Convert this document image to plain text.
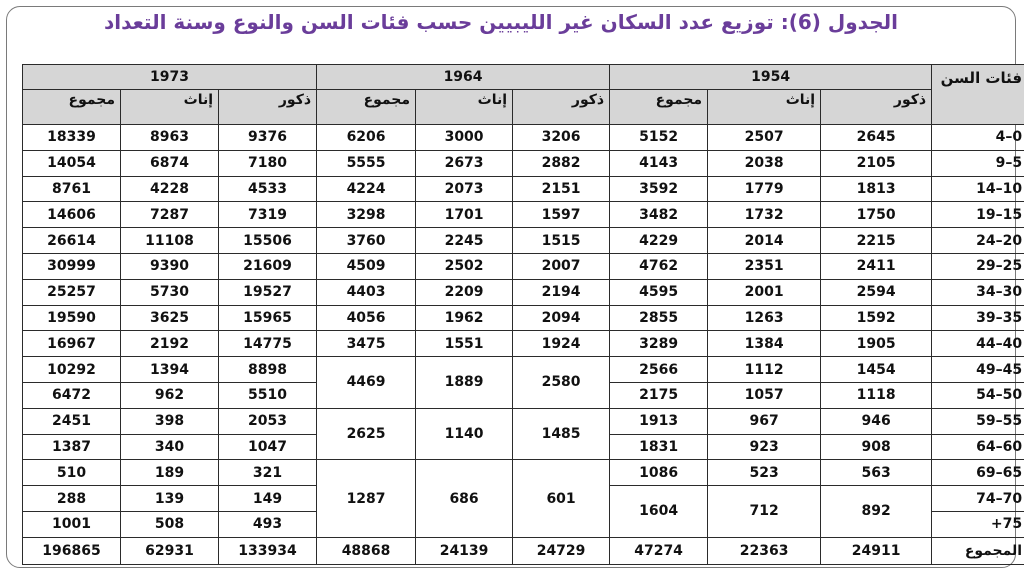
الجدول (6): توزيع عدد السكان غير الليبيين حسب فئات السن والنوع وسنة التعداد
فئات السن	1954			1964			1973			
	ذكور	إناث	مجموع	ذكور	إناث	مجموع	ذكور	إناث	مجموع	
0–4	2645	2507	5152	3206	3000	6206	9376	8963	18339	
5–9	2105	2038	4143	2882	2673	5555	7180	6874	14054	
10–14	1813	1779	3592	2151	2073	4224	4533	4228	8761	
15–19	1750	1732	3482	1597	1701	3298	7319	7287	14606	
20–24	2215	2014	4229	1515	2245	3760	15506	11108	26614	
25–29	2411	2351	4762	2007	2502	4509	21609	9390	30999	
30–34	2594	2001	4595	2194	2209	4403	19527	5730	25257	
35–39	1592	1263	2855	2094	1962	4056	15965	3625	19590	
40–44	1905	1384	3289	1924	1551	3475	14775	2192	16967	
45–49	1454	1112	2566	2580	1889	4469	8898	1394	10292	
50–54	1118	1057	2175				5510	962	6472	
55–59	946	967	1913	1485	1140	2625	2053	398	2451	
60–64	908	923	1831				1047	340	1387	
65–69	563	523	1086	601	686	1287	321	189	510	
70–74	892	712	1604				149	139	288	
75+							493	508	1001			
المجموع	24911	22363	47274	24729	24139	48868	133934	62931	196865	
